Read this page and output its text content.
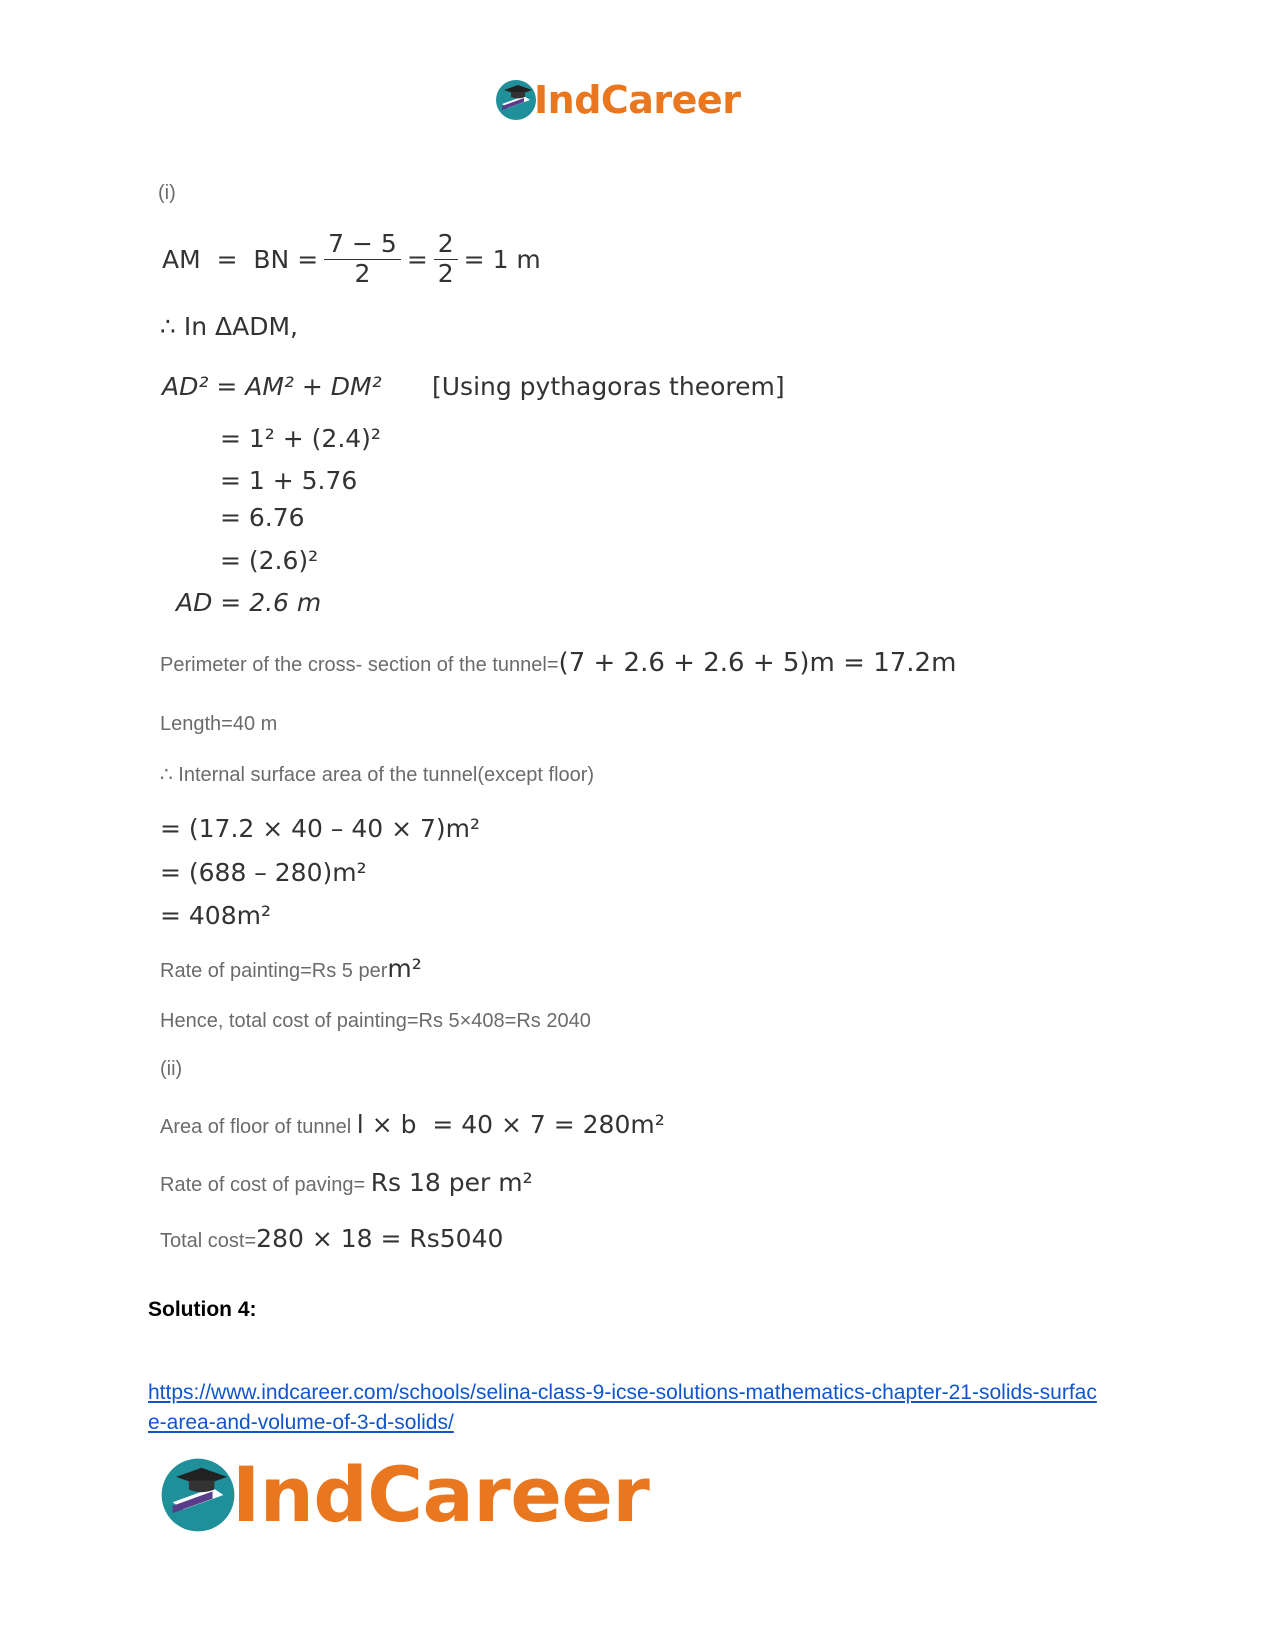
IndCareer
(i)
AM  =  BN = $\frac{7 - 5}{2} = \frac{2}{2} = 1$ m
∴ In ΔADM,
AD² = AM² + DM² [Using pythagoras theorem]
= 1² + (2.4)²
= 1 + 5.76
= 6.76
= (2.6)²
AD = 2.6 m
Perimeter of the cross- section of the tunnel=(7 + 2.6 + 2.6 + 5)m = 17.2m
Length=40 m
∴ Internal surface area of the tunnel(except floor)
= (17.2 × 40 – 40 × 7)m²
= (688 – 280)m²
= 408m²
Rate of painting=Rs 5 perm²
Hence, total cost of painting=Rs 5×408=Rs 2040
(ii)
Area of floor of tunnel l × b  = 40 × 7 = 280m²
Rate of cost of paving= Rs 18 per m²
Total cost=280 × 18 = Rs5040
Solution 4:
https://www.indcareer.com/schools/selina-class-9-icse-solutions-mathematics-chapter-21-solids-surface-area-and-volume-of-3-d-solids/
IndCareer
